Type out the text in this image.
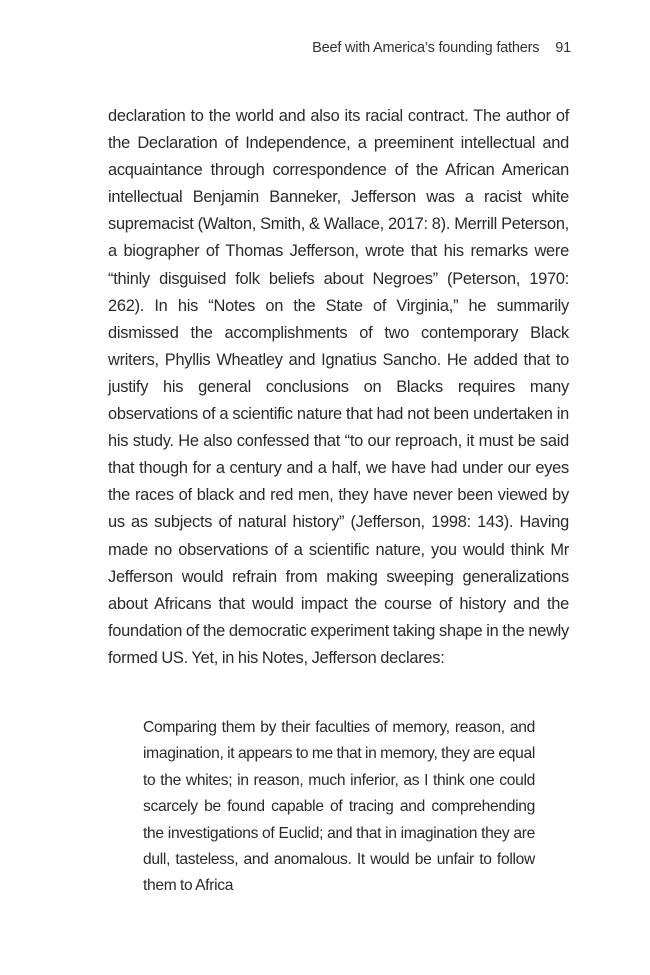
Beef with America’s founding fathers 91

declaration to the world and also its racial contract. The author of the Declaration of Independence, a preeminent intellectual and acquaintance through correspondence of the African American intellectual Benjamin Banneker, Jefferson was a racist white supremacist (Walton, Smith, & Wallace, 2017: 8). Merrill Peterson, a biographer of Thomas Jefferson, wrote that his remarks were “thinly disguised folk beliefs about Negroes” (Peterson, 1970: 262). In his “Notes on the State of Virginia,” he summarily dismissed the accomplishments of two contemporary Black writers, Phyllis Wheatley and Ignatius Sancho. He added that to justify his general conclusions on Blacks requires many observations of a scientific nature that had not been undertaken in his study. He also confessed that “to our reproach, it must be said that though for a century and a half, we have had under our eyes the races of black and red men, they have never been viewed by us as subjects of natural history” (Jefferson, 1998: 143). Having made no observations of a scientific nature, you would think Mr Jefferson would refrain from making sweeping generalizations about Africans that would impact the course of history and the foundation of the democratic experiment taking shape in the newly formed US. Yet, in his Notes, Jefferson declares:

Comparing them by their faculties of memory, reason, and imagination, it appears to me that in memory, they are equal to the whites; in reason, much inferior, as I think one could scarcely be found capable of tracing and comprehending the investigations of Euclid; and that in imagination they are dull, tasteless, and anomalous. It would be unfair to follow them to Africa
